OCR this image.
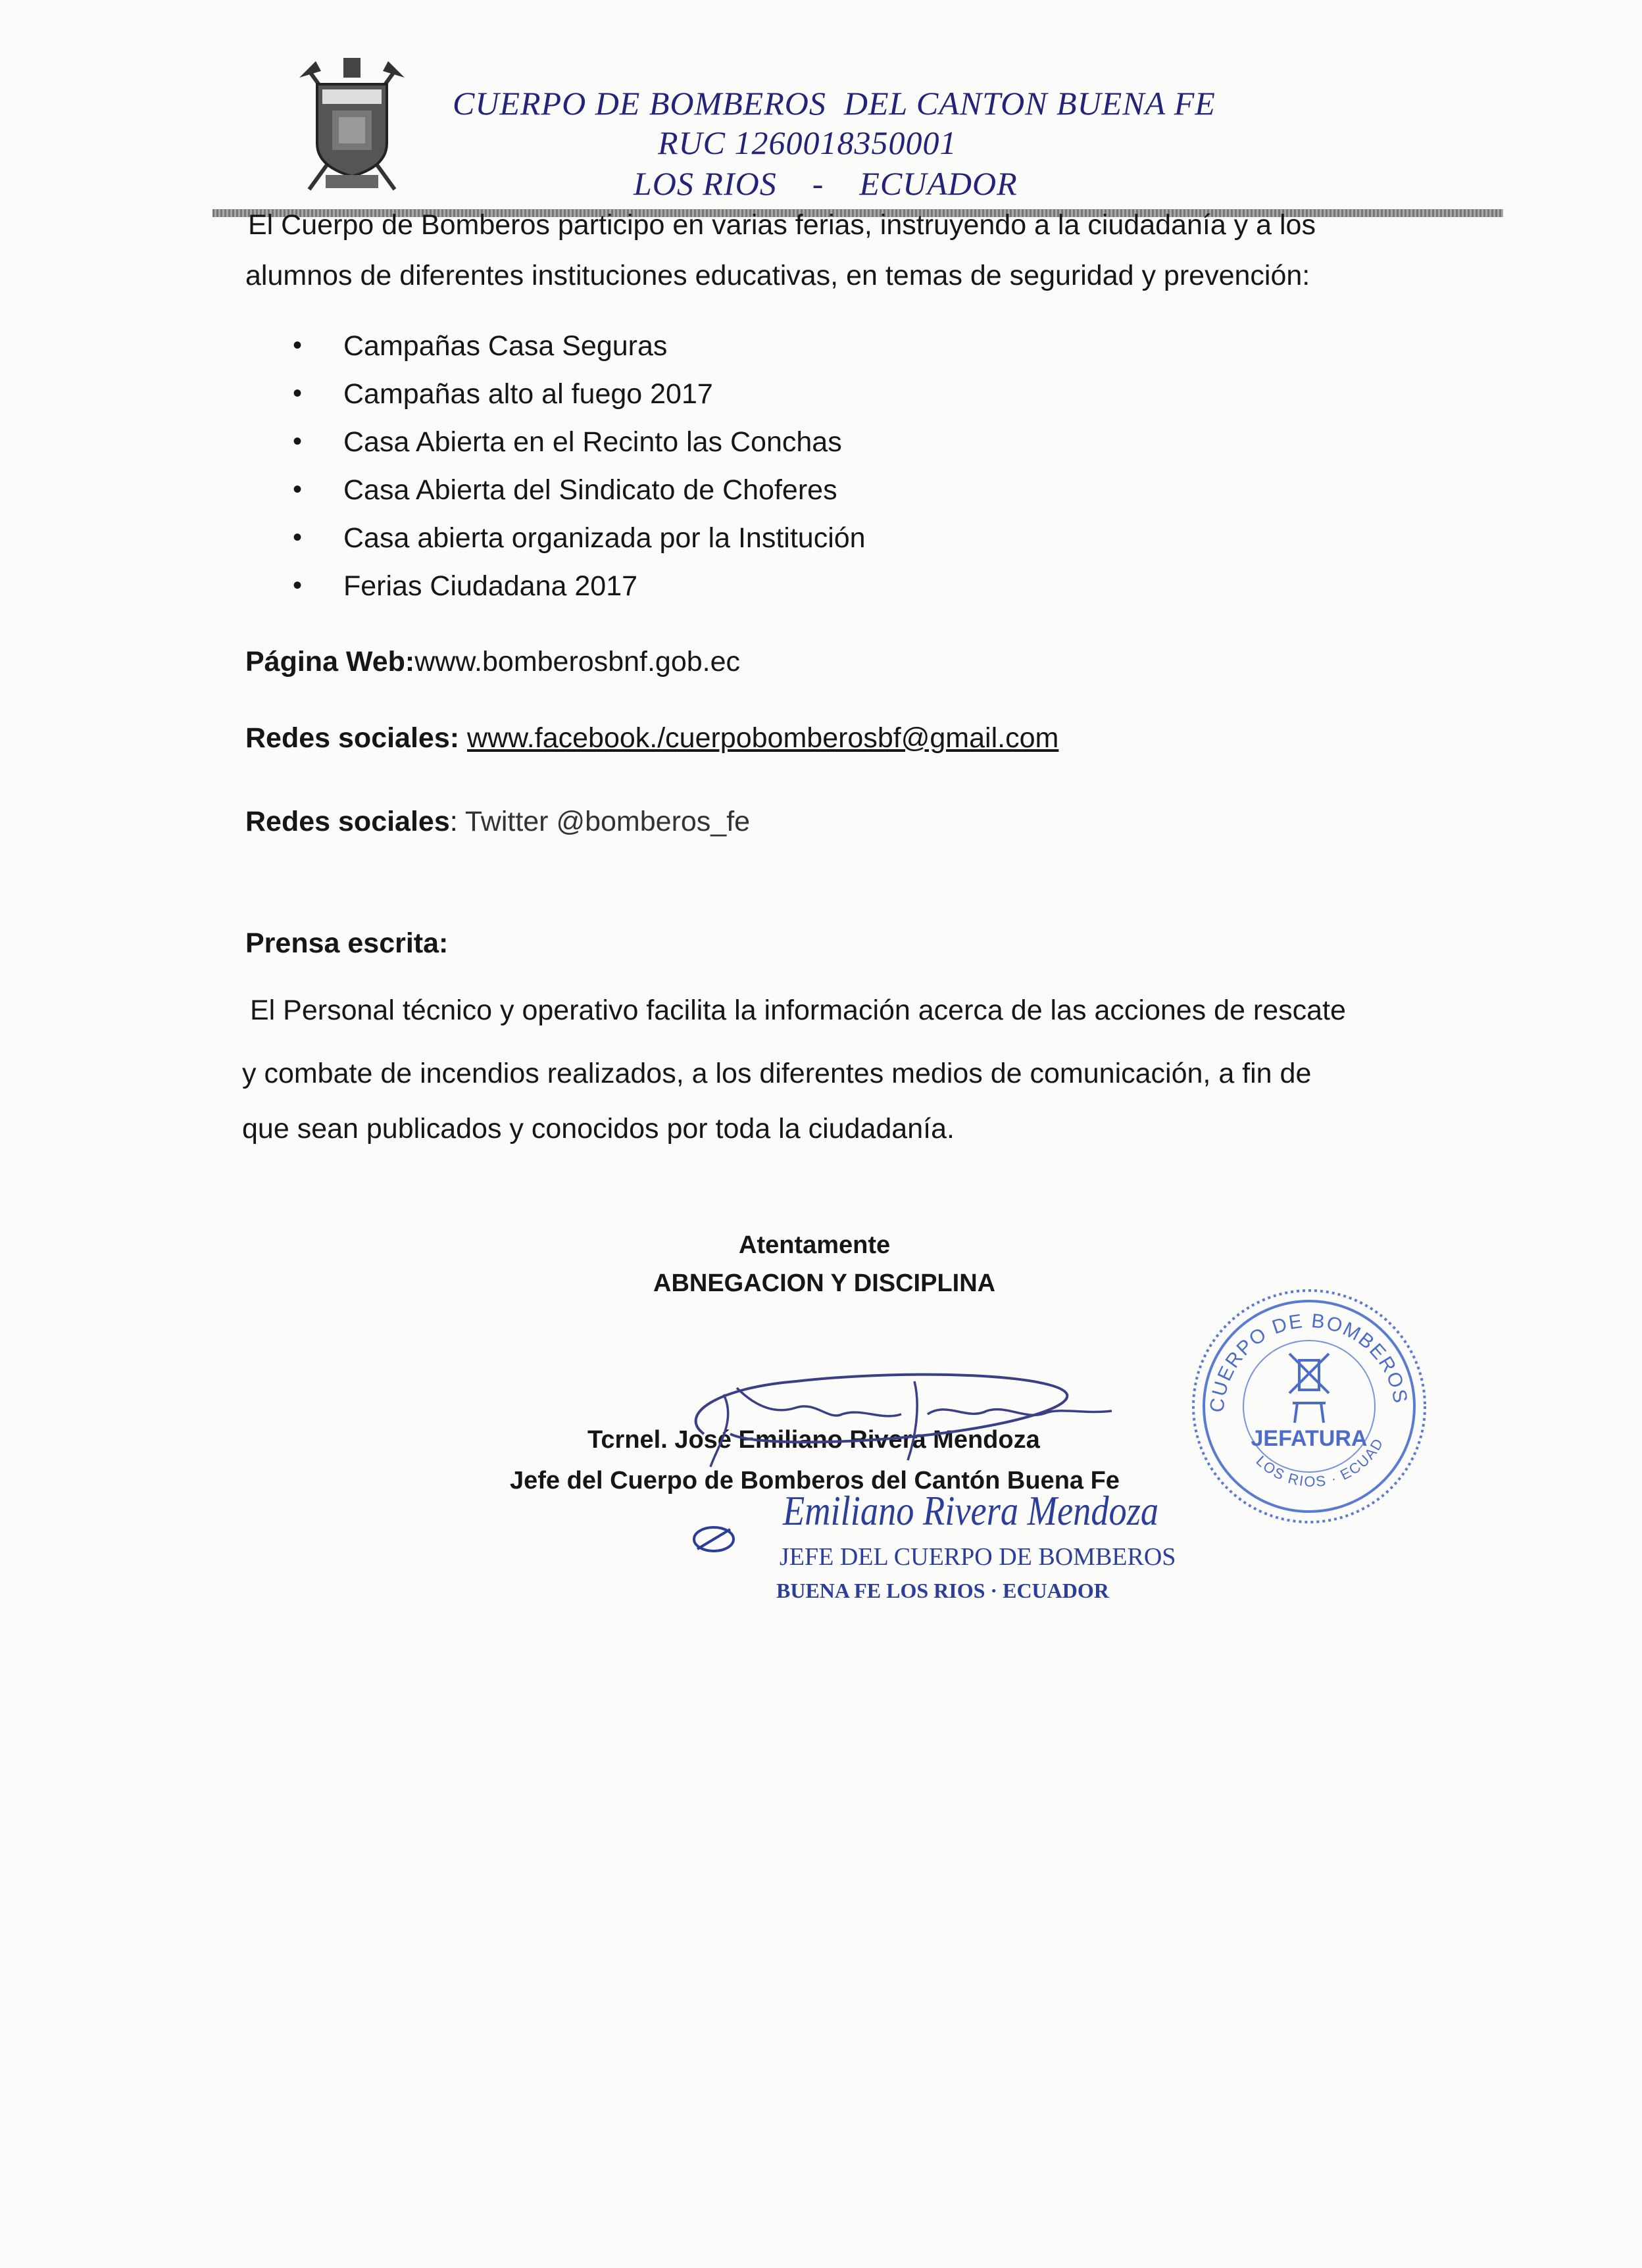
CUERPO DE BOMBEROS  DEL CANTON BUENA FE
RUC 1260018350001
LOS RIOS    -    ECUADOR
El Cuerpo de Bomberos participo en varias ferias, instruyendo a la ciudadanía y a los
alumnos de diferentes instituciones educativas, en temas de seguridad y prevención:
• Campañas Casa Seguras
• Campañas alto al fuego 2017
• Casa Abierta en el Recinto las Conchas
• Casa Abierta del Sindicato de Choferes
• Casa abierta organizada por la Institución
• Ferias Ciudadana 2017
Página Web:www.bomberosbnf.gob.ec
Redes sociales: www.facebook./cuerpobomberosbf@gmail.com
Redes sociales: Twitter @bomberos_fe
Prensa escrita:
El Personal técnico y operativo facilita la información acerca de las acciones de rescate
y combate de incendios realizados, a los diferentes medios de comunicación, a fin de
que sean publicados y conocidos por toda la ciudadanía.
Atentamente
ABNEGACION Y DISCIPLINA
Tcrnel. José Emiliano Rivera Mendoza
Jefe del Cuerpo de Bomberos del Cantón Buena Fe
Emiliano Rivera Mendoza
JEFE DEL CUERPO DE BOMBEROS
BUENA FE LOS RIOS · ECUADOR
CUERPO DE BOMBEROS
LOS RIOS · ECUAD
JEFATURA
